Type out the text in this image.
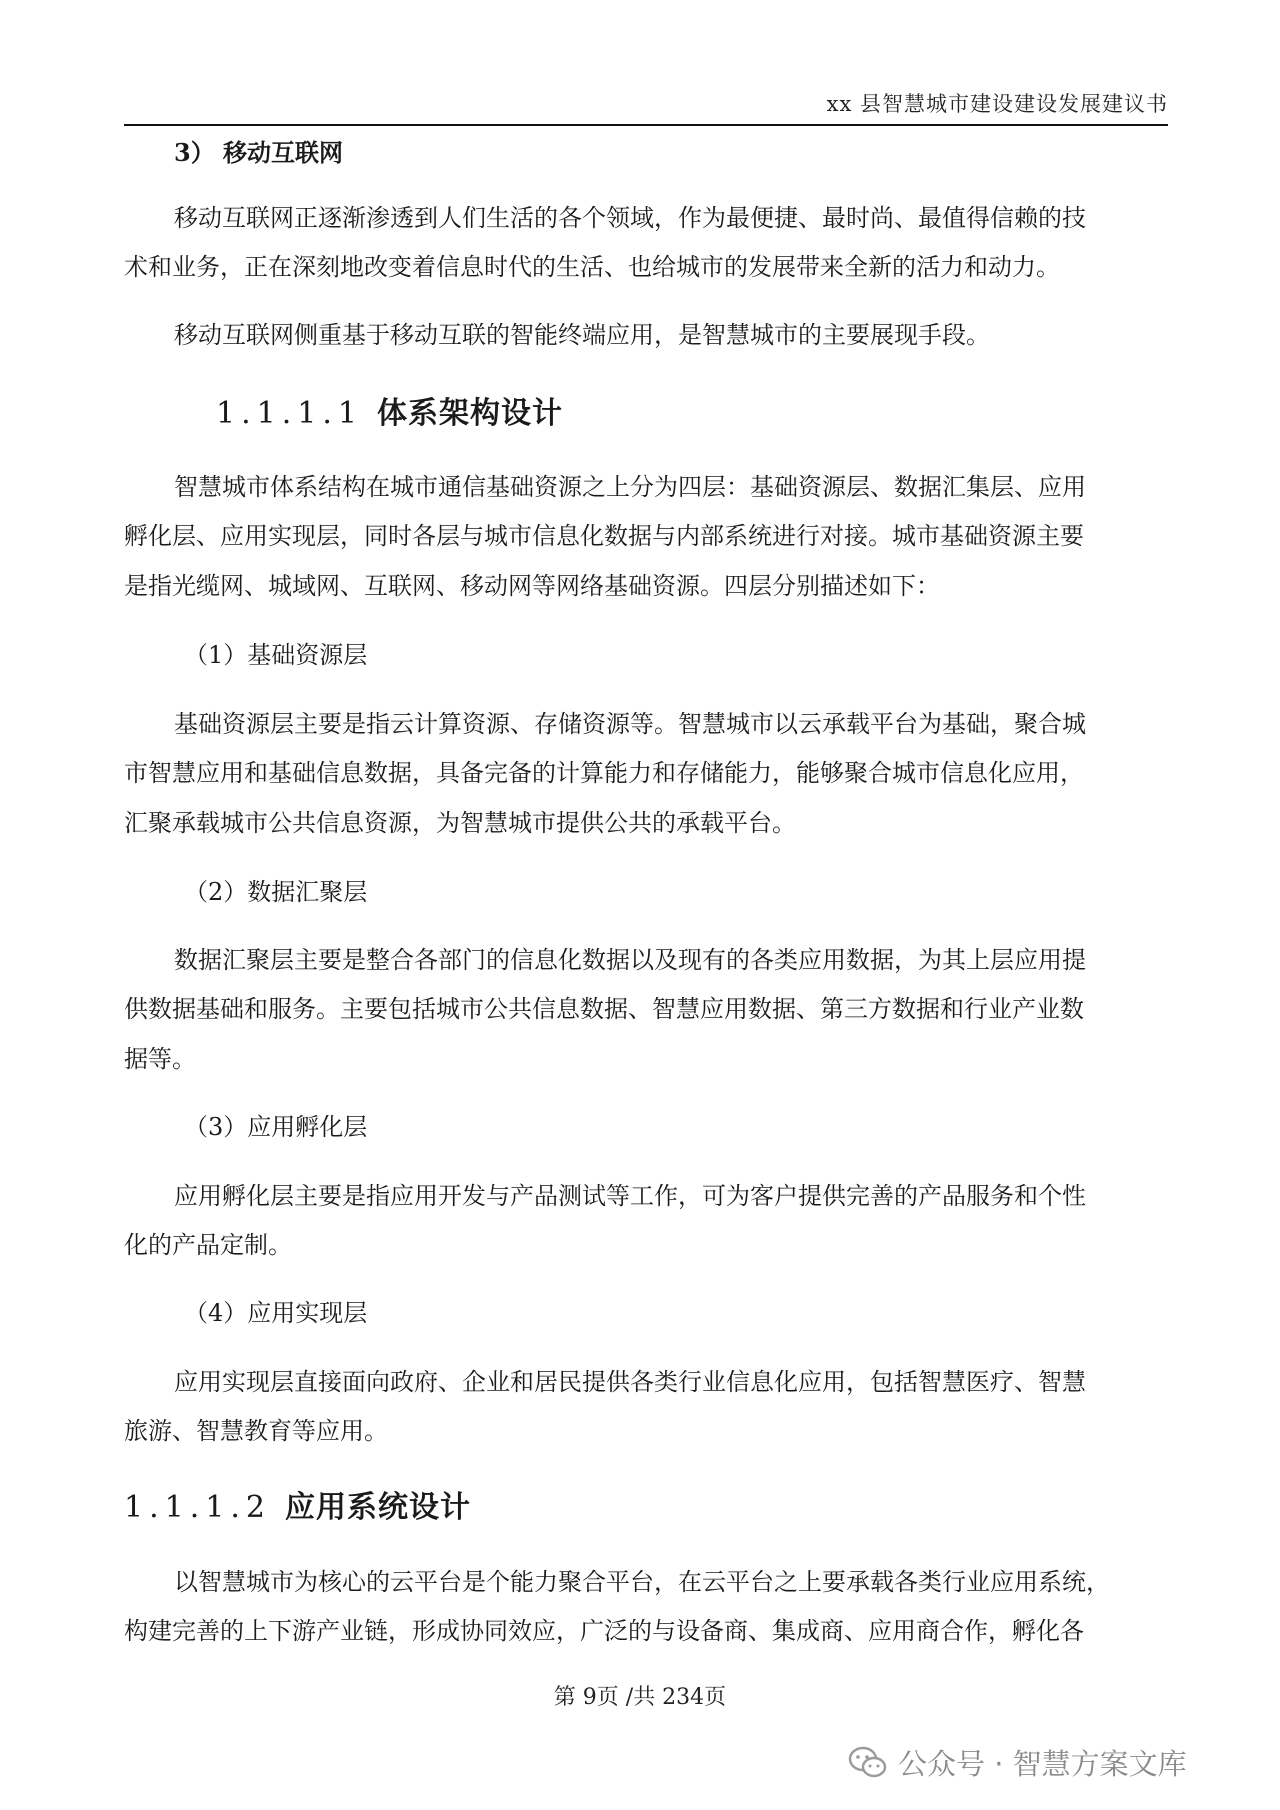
xx 县智慧城市建设建设发展建议书
3） 移动互联网
移动互联网正逐渐渗透到人们生活的各个领域，作为最便捷、最时尚、最值得信赖的技
术和业务，正在深刻地改变着信息时代的生活、也给城市的发展带来全新的活力和动力。
移动互联网侧重基于移动互联的智能终端应用，是智慧城市的主要展现手段。
1.1.1.1 体系架构设计
智慧城市体系结构在城市通信基础资源之上分为四层：基础资源层、数据汇集层、应用
孵化层、应用实现层，同时各层与城市信息化数据与内部系统进行对接。城市基础资源主要
是指光缆网、城域网、互联网、移动网等网络基础资源。四层分别描述如下：
（1）基础资源层
基础资源层主要是指云计算资源、存储资源等。智慧城市以云承载平台为基础，聚合城
市智慧应用和基础信息数据，具备完备的计算能力和存储能力，能够聚合城市信息化应用，
汇聚承载城市公共信息资源，为智慧城市提供公共的承载平台。
（2）数据汇聚层
数据汇聚层主要是整合各部门的信息化数据以及现有的各类应用数据，为其上层应用提
供数据基础和服务。主要包括城市公共信息数据、智慧应用数据、第三方数据和行业产业数
据等。
（3）应用孵化层
应用孵化层主要是指应用开发与产品测试等工作，可为客户提供完善的产品服务和个性
化的产品定制。
（4）应用实现层
应用实现层直接面向政府、企业和居民提供各类行业信息化应用，包括智慧医疗、智慧
旅游、智慧教育等应用。
1.1.1.2 应用系统设计
以智慧城市为核心的云平台是个能力聚合平台，在云平台之上要承载各类行业应用系统，
构建完善的上下游产业链，形成协同效应，广泛的与设备商、集成商、应用商合作，孵化各
第 9页 /共 234页
公众号 · 智慧方案文库
